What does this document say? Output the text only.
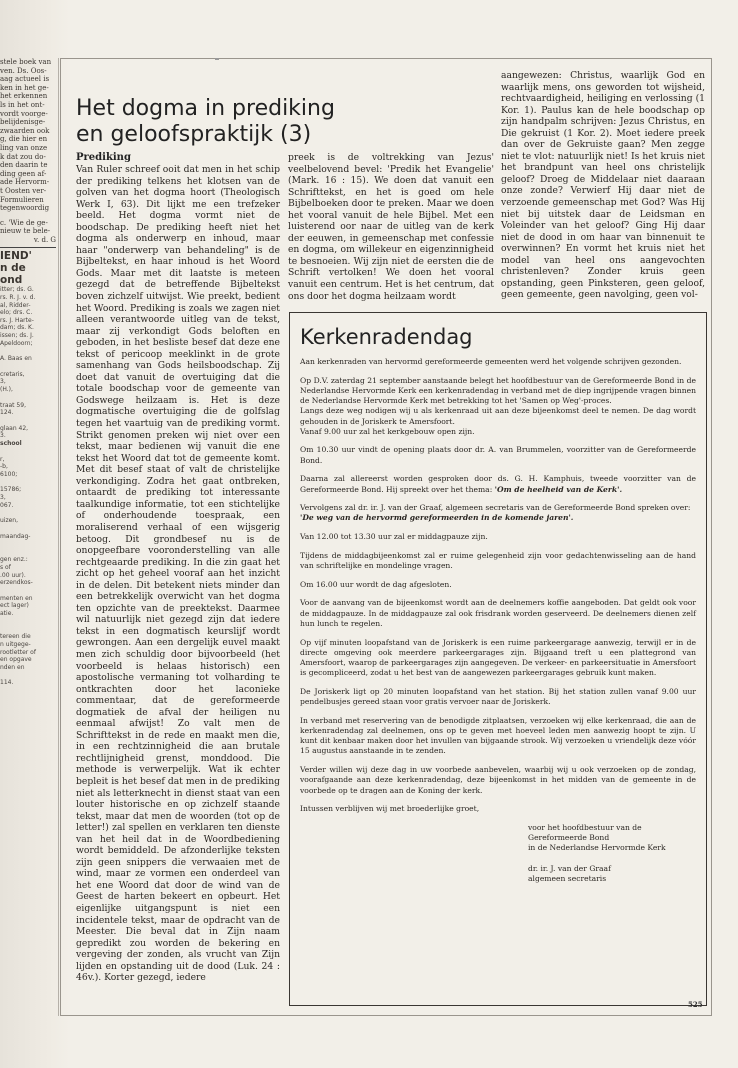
stele boek van
ven. Ds. Oos-
aag actueel is
ken in het ge-
het erkennen
ls in het ont-
vordt voorge-
belijdenisge-
zwaarden ook
g, die hier en
ling van onze
k dat zou do-
den daarin te
ding geen af-
ade Hervorm-
t Oosten ver-
Formulieren
tegenwoordig
c. 'Wie de ge-
nieuw te bele-
v. d. G
IEND'
n de
ond
itter; ds. G.
rs. R. J. v. d.
al, Ridder-
elo; drs. C.
rs. J. Harte-
dam; ds. K.
issen; ds. J.
Apeldoorn;
A. Baas en
cretaris,
3,
(H.),
traat 59,
124.
glaan 42,
3.
school
r,
-b,
6100;
15786;
3,
067.
uizen,
maandag-
gen enz.:
s of
.00 uur).
erzendkos-
menten en
ect lager)
atie.
tereen die
n uitgege-
rootletter of
en opgave
nden en
114.
Het dogma in prediking en geloofspraktijk (3)
Prediking

Van Ruler schreef ooit dat men in het schip der prediking telkens het klotsen van de golven van het dogma hoort (Theologisch Werk I, 63). Dit lijkt me een trefzeker beeld. Het dogma vormt niet de boodschap. De prediking heeft niet het dogma als onderwerp en inhoud, maar haar "onderwerp van behandeling" is de Bijbeltekst, en haar inhoud is het Woord Gods. Maar met dit laatste is meteen gezegd dat de betreffende Bijbeltekst boven zichzelf uitwijst. Wie preekt, bedient het Woord. Prediking is zoals we zagen niet alleen verantwoorde uitleg van de tekst, maar zij verkondigt Gods beloften en geboden, in het besliste besef dat deze ene tekst of pericoop meeklinkt in de grote samenhang van Gods heilsboodschap. Zij doet dat vanuit de overtuiging dat die totale boodschap voor de gemeente van Godswege heilzaam is. Het is deze dogmatische overtuiging die de golfslag tegen het vaartuig van de prediking vormt. Strikt genomen preken wij niet over een tekst, maar bedienen wij vanuit die ene tekst het Woord dat tot de gemeente komt. Met dit besef staat of valt de christelijke verkondiging. Zodra het gaat ontbreken, ontaardt de prediking tot interessante taalkundige informatie, tot een stichtelijke of onderhoudende toespraak, een moraliserend verhaal of een wijsgerig betoog. Dit grondbesef nu is de onopgeefbare vooronderstelling van alle rechtgeaarde prediking. In die zin gaat het zicht op het geheel vooraf aan het inzicht in de delen. Dit betekent niets minder dan een betrekkelijk overwicht van het dogma ten opzichte van de preektekst. Daarmee wil natuurlijk niet gezegd zijn dat iedere tekst in een dogmatisch keurslijf wordt gewrongen. Aan een dergelijk euvel maakt men zich schuldig door bijvoorbeeld (het voorbeeld is helaas historisch) een apostolische vermaning tot volharding te ontkrachten door het laconieke commentaar, dat de gereformeerde dogmatiek de afval der heiligen nu eenmaal afwijst! Zo valt men de Schrifttekst in de rede en maakt men die, in een rechtzinnigheid die aan brutale rechtlijnigheid grenst, monddood. Die methode is verwerpelijk. Wat ik echter bepleit is het besef dat men in de prediking niet als letterknecht in dienst staat van een louter historische en op zichzelf staande tekst, maar dat men de woorden (tot op de letter!) zal spellen en verklaren ten dienste van het heil dat in de Woordbediening wordt bemiddeld. De afzonderlijke teksten zijn geen snippers die verwaaien met de wind, maar ze vormen een onderdeel van het ene Woord dat door de wind van de Geest de harten bekeert en opbeurt. Het eigenlijke uitgangspunt is niet een incidentele tekst, maar de opdracht van de Meester. Die beval dat in Zijn naam gepredikt zou worden de bekering en vergeving der zonden, als vrucht van Zijn lijden en opstanding uit de dood (Luk. 24 : 46v.). Korter gezegd, iedere

preek is de voltrekking van Jezus' veelbelovend bevel: 'Predik het Evangelie' (Mark. 16 : 15). We doen dat vanuit een Schrifttekst, en het is goed om hele Bijbelboeken door te preken. Maar we doen het vooral vanuit de hele Bijbel. Met een luisterend oor naar de uitleg van de kerk der eeuwen, in gemeenschap met confessie en dogma, om willekeur en eigenzinnigheid te besnoeien. Wij zijn niet de eersten die de Schrift vertolken! We doen het vooral vanuit een centrum. Het is het centrum, dat ons door het dogma heilzaam wordt

aangewezen: Christus, waarlijk God en waarlijk mens, ons geworden tot wijsheid, rechtvaardigheid, heiliging en verlossing (1 Kor. 1). Paulus kan de hele boodschap op zijn handpalm schrijven: Jezus Christus, en Die gekruist (1 Kor. 2). Moet iedere preek dan over de Gekruiste gaan? Men zegge niet te vlot: natuurlijk niet! Is het kruis niet het brandpunt van heel ons christelijk geloof? Droeg de Middelaar niet daaraan onze zonde? Verwierf Hij daar niet de verzoende gemeenschap met God? Was Hij niet bij uitstek daar de Leidsman en Voleinder van het geloof? Ging Hij daar niet de dood in om haar van binnenuit te overwinnen? En vormt het kruis niet het model van heel ons aangevochten christenleven? Zonder kruis geen opstanding, geen Pinksteren, geen geloof, geen gemeente, geen navolging, geen vol-

Kerkenradendag

Aan kerkenraden van hervormd gereformeerde gemeenten werd het volgende schrijven gezonden.

Op D.V. zaterdag 21 september aanstaande belegt het hoofdbestuur van de Gereformeerde Bond in de Nederlandse Hervormde Kerk een kerkenradendag in verband met de diep ingrijpende vragen binnen de Nederlandse Hervormde Kerk met betrekking tot het 'Samen op Weg'-proces.

Langs deze weg nodigen wij u als kerkenraad uit aan deze bijeenkomst deel te nemen. De dag wordt gehouden in de Joriskerk te Amersfoort.

Vanaf 9.00 uur zal het kerkgebouw open zijn.

Om 10.30 uur vindt de opening plaats door dr. A. van Brummelen, voorzitter van de Gereformeerde Bond.

Daarna zal allereerst worden gesproken door ds. G. H. Kamphuis, tweede voorzitter van de Gereformeerde Bond. Hij spreekt over het thema: 'Om de heelheid van de Kerk'.

Vervolgens zal dr. ir. J. van der Graaf, algemeen secretaris van de Gereformeerde Bond spreken over:
'De weg van de hervormd gereformeerden in de komende jaren'.

Van 12.00 tot 13.30 uur zal er middagpauze zijn.

Tijdens de middagbijeenkomst zal er ruime gelegenheid zijn voor gedachtenwisseling aan de hand van schriftelijke en mondelinge vragen.

Om 16.00 uur wordt de dag afgesloten.

Voor de aanvang van de bijeenkomst wordt aan de deelnemers koffie aangeboden. Dat geldt ook voor de middagpauze. In de middagpauze zal ook frisdrank worden geserveerd. De deelnemers dienen zelf hun lunch te regelen.

Op vijf minuten loopafstand van de Joriskerk is een ruime parkeergarage aanwezig, terwijl er in de directe omgeving ook meerdere parkeergarages zijn. Bijgaand treft u een plattegrond van Amersfoort, waarop de parkeergarages zijn aangegeven. De verkeer- en parkeersituatie in Amersfoort is gecompliceerd, zodat u het best van de aangewezen parkeergarages gebruik kunt maken.

De Joriskerk ligt op 20 minuten loopafstand van het station. Bij het station zullen vanaf 9.00 uur pendelbusjes gereed staan voor gratis vervoer naar de Joriskerk.

In verband met reservering van de benodigde zitplaatsen, verzoeken wij elke kerkenraad, die aan de kerkenradendag zal deelnemen, ons op te geven met hoeveel leden men aanwezig hoopt te zijn. U kunt dit kenbaar maken door het invullen van bijgaande strook. Wij verzoeken u vriendelijk deze vóór 15 augustus aanstaande in te zenden.

Verder willen wij deze dag in uw voorbede aanbevelen, waarbij wij u ook verzoeken op de zondag, voorafgaande aan deze kerkenradendag, deze bijeenkomst in het midden van de gemeente in de voorbede op te dragen aan de Koning der kerk.

Intussen verblijven wij met broederlijke groet,

voor het hoofdbestuur van de
Gereformeerde Bond
in de Nederlandse Hervormde Kerk
dr. ir. J. van der Graaf
algemeen secretaris
525
